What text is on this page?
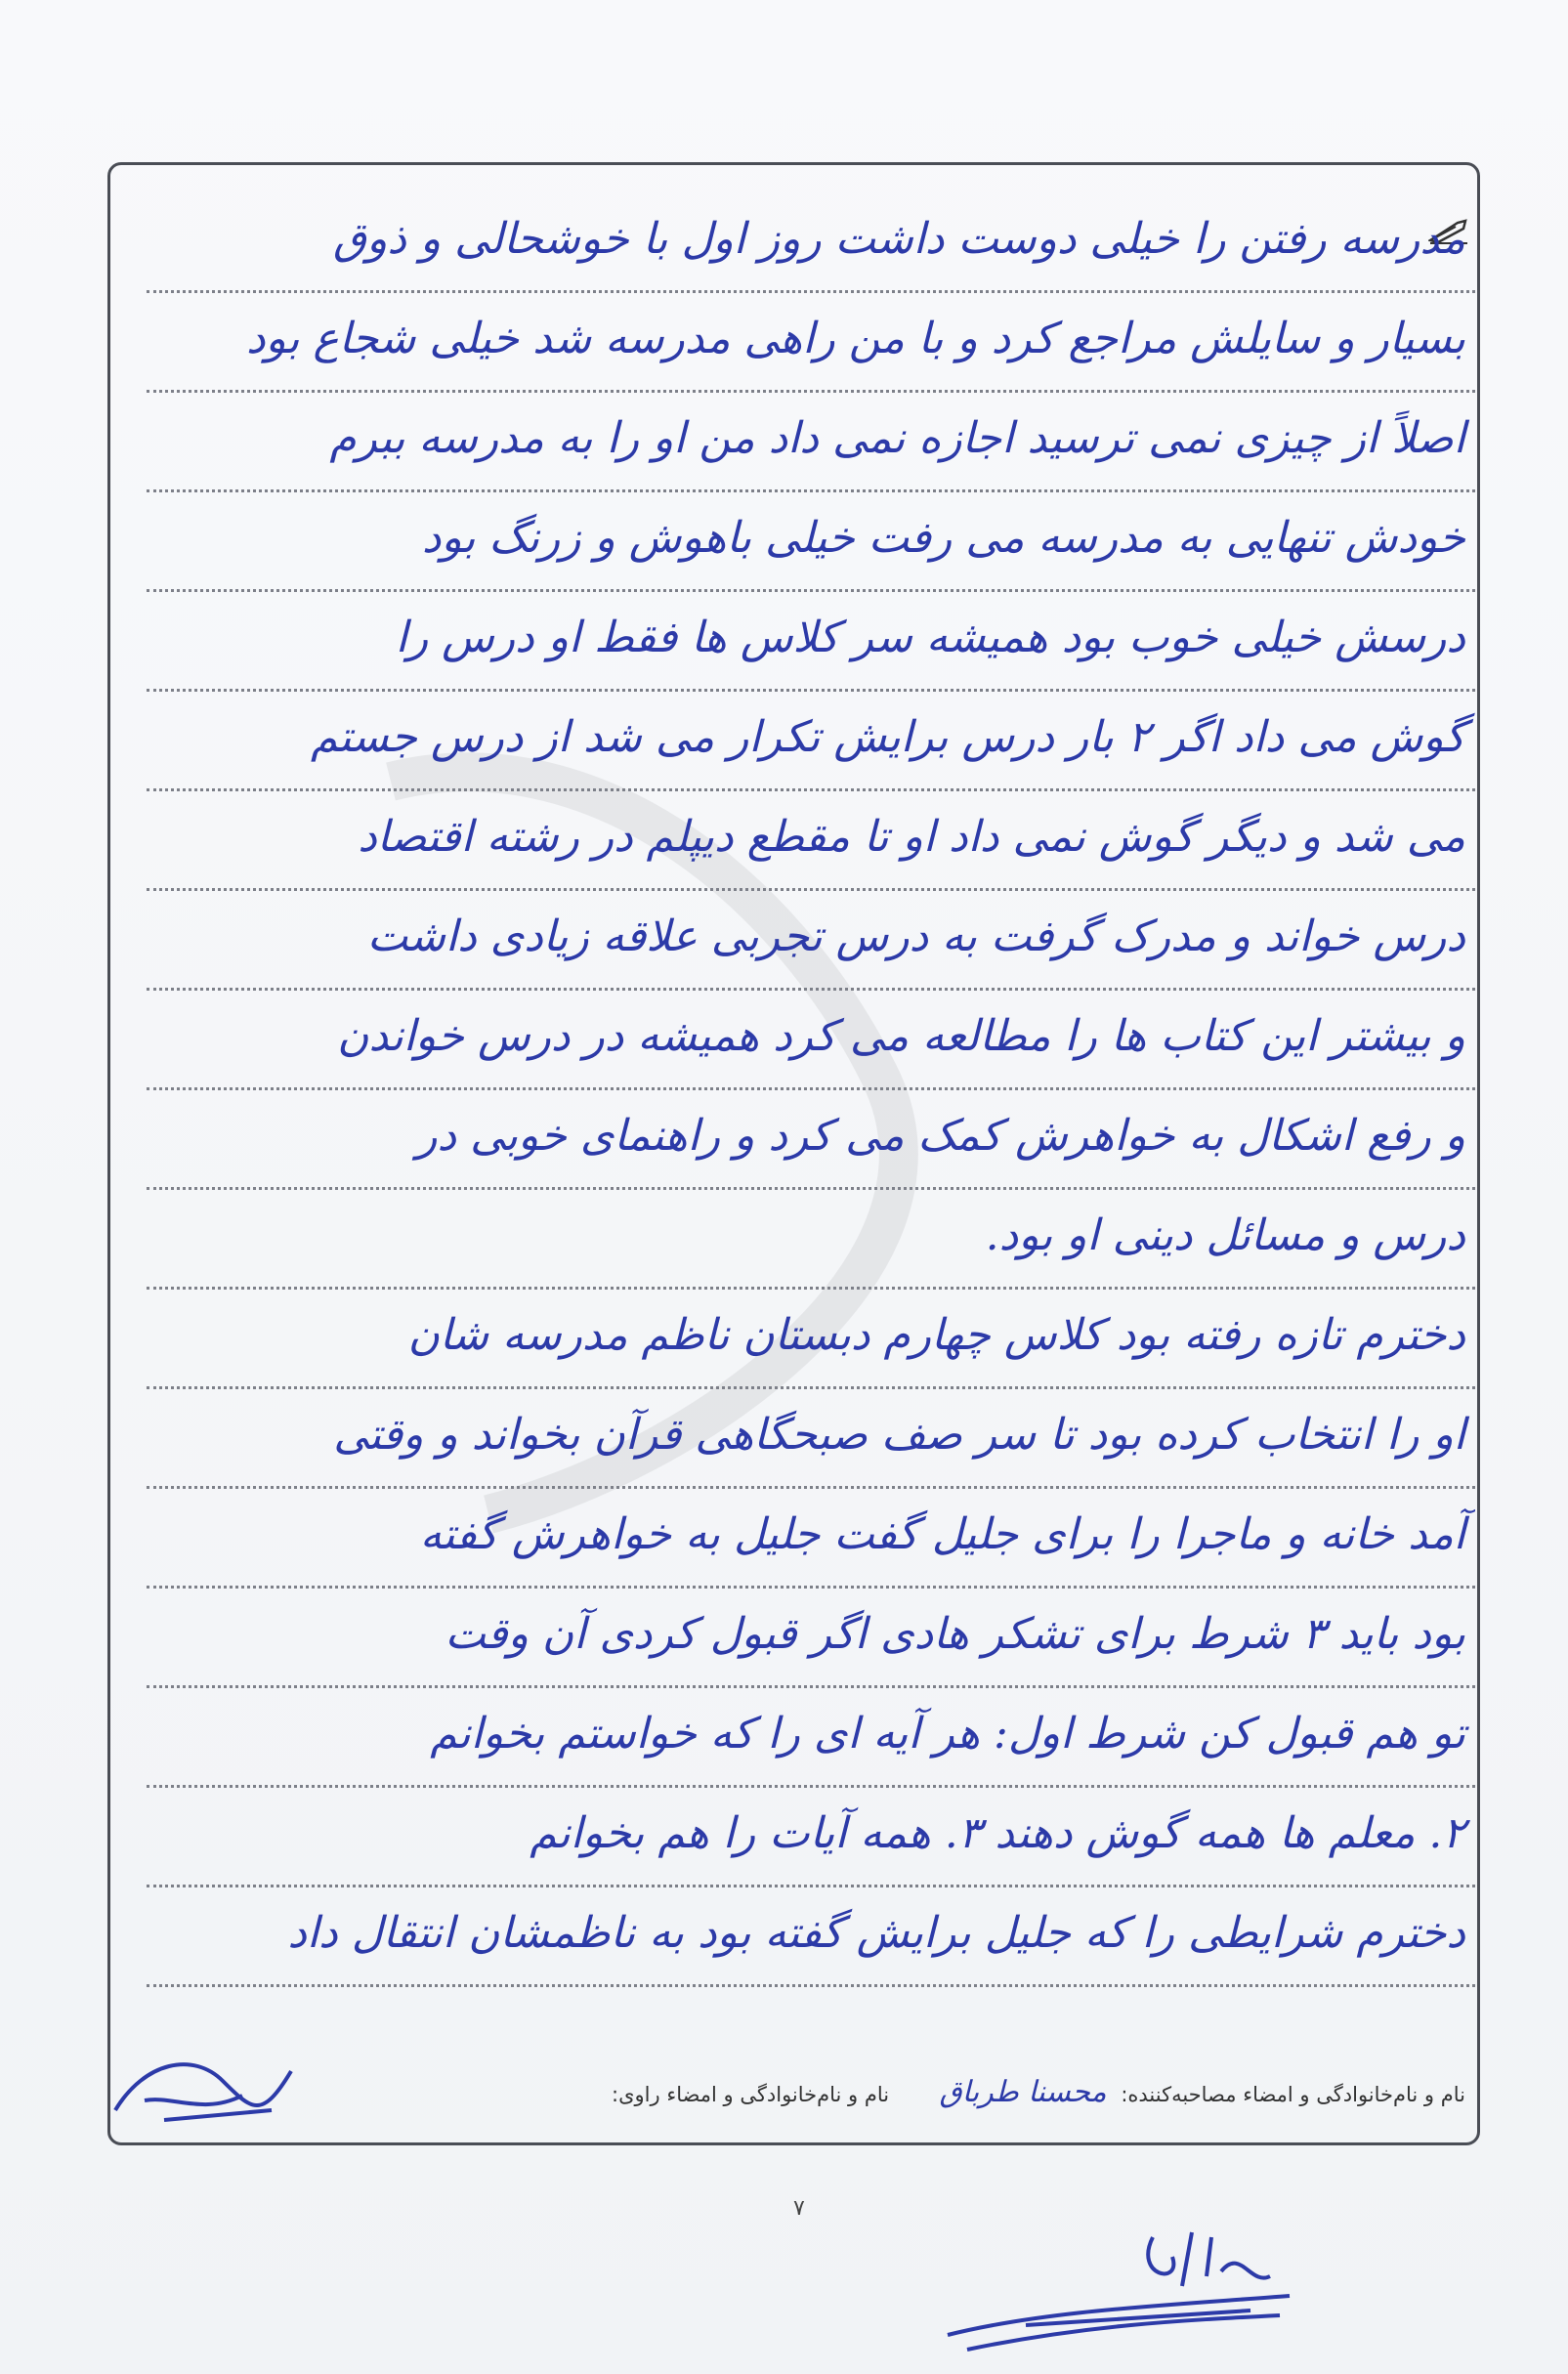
مدرسه رفتن را خیلی دوست داشت روز اول با خوشحالی و ذوق
بسیار و سایلش مراجع کرد و با من راهی مدرسه شد خیلی شجاع بود
اصلاً از چیزی نمی ترسید اجازه نمی داد من او را به مدرسه ببرم
خودش تنهایی به مدرسه می رفت خیلی باهوش و زرنگ بود
درسش خیلی خوب بود همیشه سر کلاس ها فقط او درس را
گوش می داد اگر ۲ بار درس برایش تکرار می شد از درس جستم
می شد و دیگر گوش نمی داد او تا مقطع دیپلم در رشته اقتصاد
درس خواند و مدرک گرفت به درس تجربی علاقه زیادی داشت
و بیشتر این کتاب ها را مطالعه می کرد همیشه در درس خواندن
و رفع اشکال به خواهرش کمک می کرد و راهنمای خوبی در
درس و مسائل دینی او بود.
دخترم تازه رفته بود کلاس چهارم دبستان ناظم مدرسه شان
او را انتخاب کرده بود تا سر صف صبحگاهی قرآن بخواند و وقتی
آمد خانه و ماجرا را برای جلیل گفت جلیل به خواهرش گفته
بود باید ۳ شرط برای تشکر هادی اگر قبول کردی آن وقت
تو هم قبول کن شرط اول: هر آیه ای را که خواستم بخوانم
۲. معلم ها همه گوش دهند ۳. همه آیات را هم بخوانم
دخترم شرایطی را که جلیل برایش گفته بود به ناظمشان انتقال داد
نام و نام‌خانوادگی و امضاء مصاحبه‌کننده: محسنا طرباق  نام و نام‌خانوادگی و امضاء راوی:
۷
